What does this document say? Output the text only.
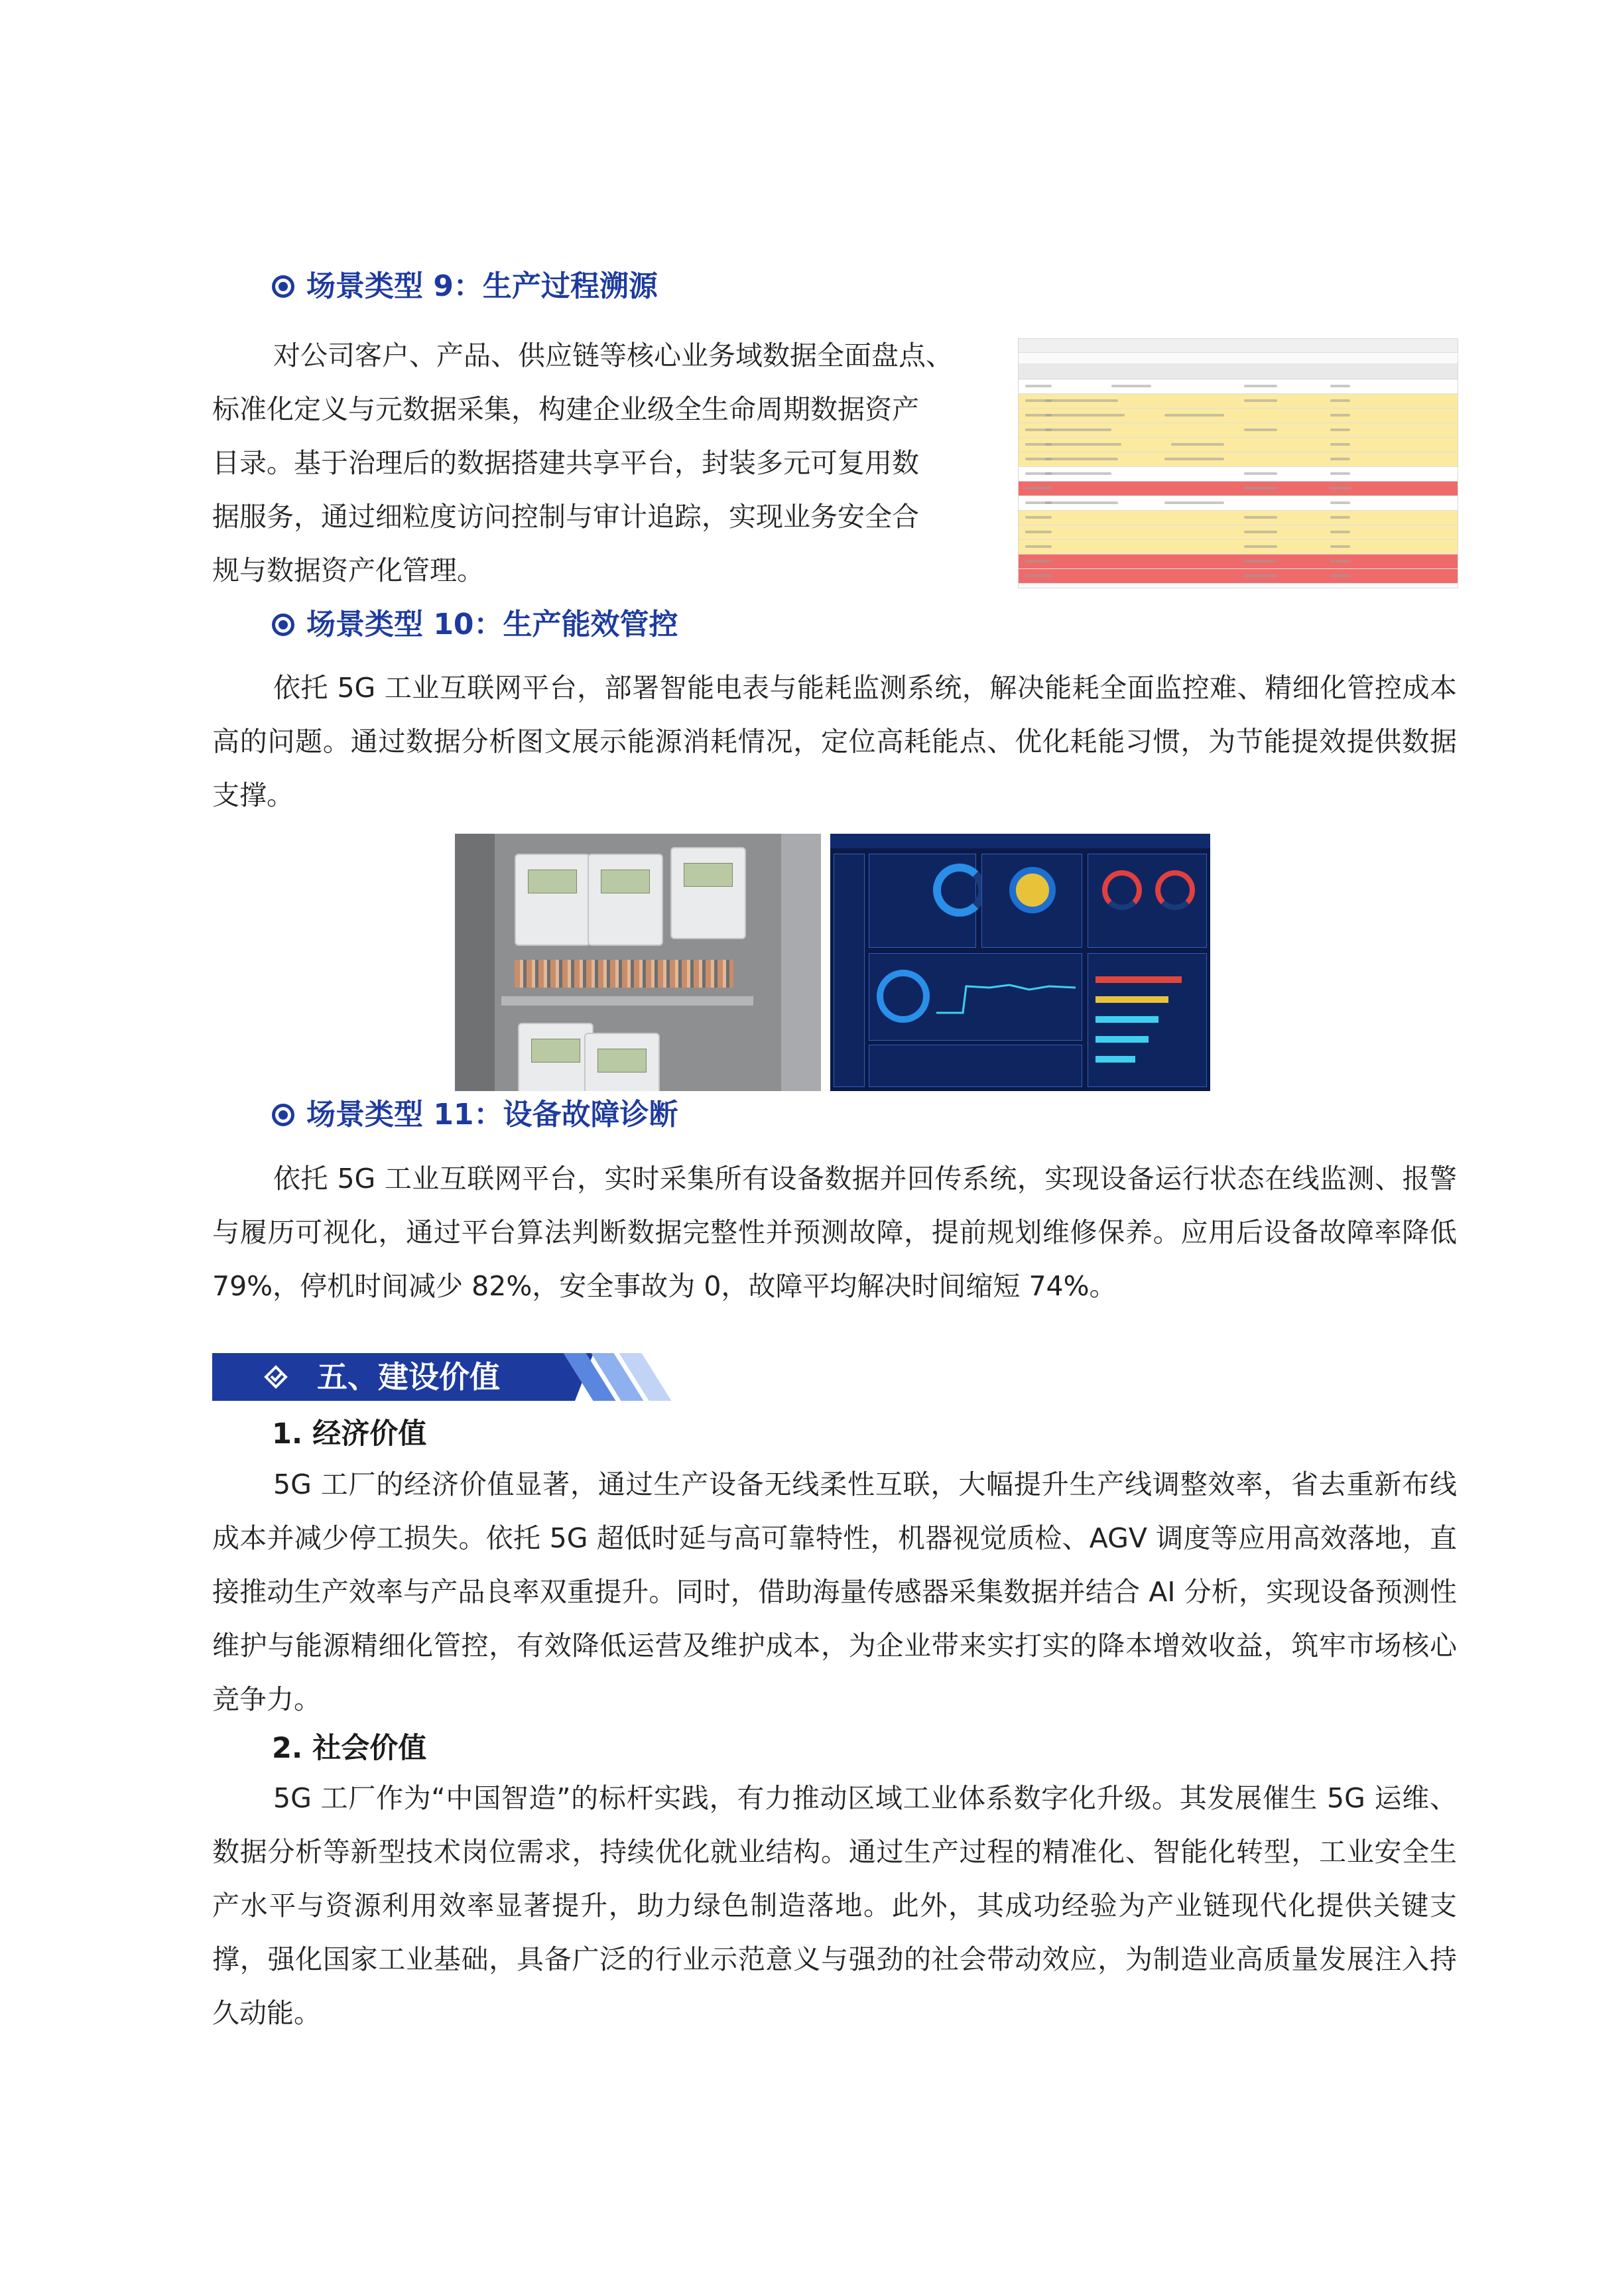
场景类型 9：生产过程溯源
对公司客户、产品、供应链等核心业务域数据全面盘点、
标准化定义与元数据采集，构建企业级全生命周期数据资产
目录。基于治理后的数据搭建共享平台，封装多元可复用数
据服务，通过细粒度访问控制与审计追踪，实现业务安全合
规与数据资产化管理。
场景类型 10：生产能效管控

依托 5G 工业互联网平台，部署智能电表与能耗监测系统，解决能耗全面监控难、精细化管控成本高的问题。通过数据分析图文展示能源消耗情况，定位高耗能点、优化耗能习惯，为节能提效提供数据支撑。

场景类型 11：设备故障诊断

依托 5G 工业互联网平台，实时采集所有设备数据并回传系统，实现设备运行状态在线监测、报警与履历可视化，通过平台算法判断数据完整性并预测故障，提前规划维修保养。应用后设备故障率降低 79%，停机时间减少 82%，安全事故为 0，故障平均解决时间缩短 74%。

五、建设价值
1. 经济价值

5G 工厂的经济价值显著，通过生产设备无线柔性互联，大幅提升生产线调整效率，省去重新布线成本并减少停工损失。依托 5G 超低时延与高可靠特性，机器视觉质检、AGV 调度等应用高效落地，直接推动生产效率与产品良率双重提升。同时，借助海量传感器采集数据并结合 AI 分析，实现设备预测性维护与能源精细化管控，有效降低运营及维护成本，为企业带来实打实的降本增效收益，筑牢市场核心竞争力。

2. 社会价值

5G 工厂作为“中国智造”的标杆实践，有力推动区域工业体系数字化升级。其发展催生 5G 运维、数据分析等新型技术岗位需求，持续优化就业结构。通过生产过程的精准化、智能化转型，工业安全生产水平与资源利用效率显著提升，助力绿色制造落地。此外，其成功经验为产业链现代化提供关键支撑，强化国家工业基础，具备广泛的行业示范意义与强劲的社会带动效应，为制造业高质量发展注入持久动能。
